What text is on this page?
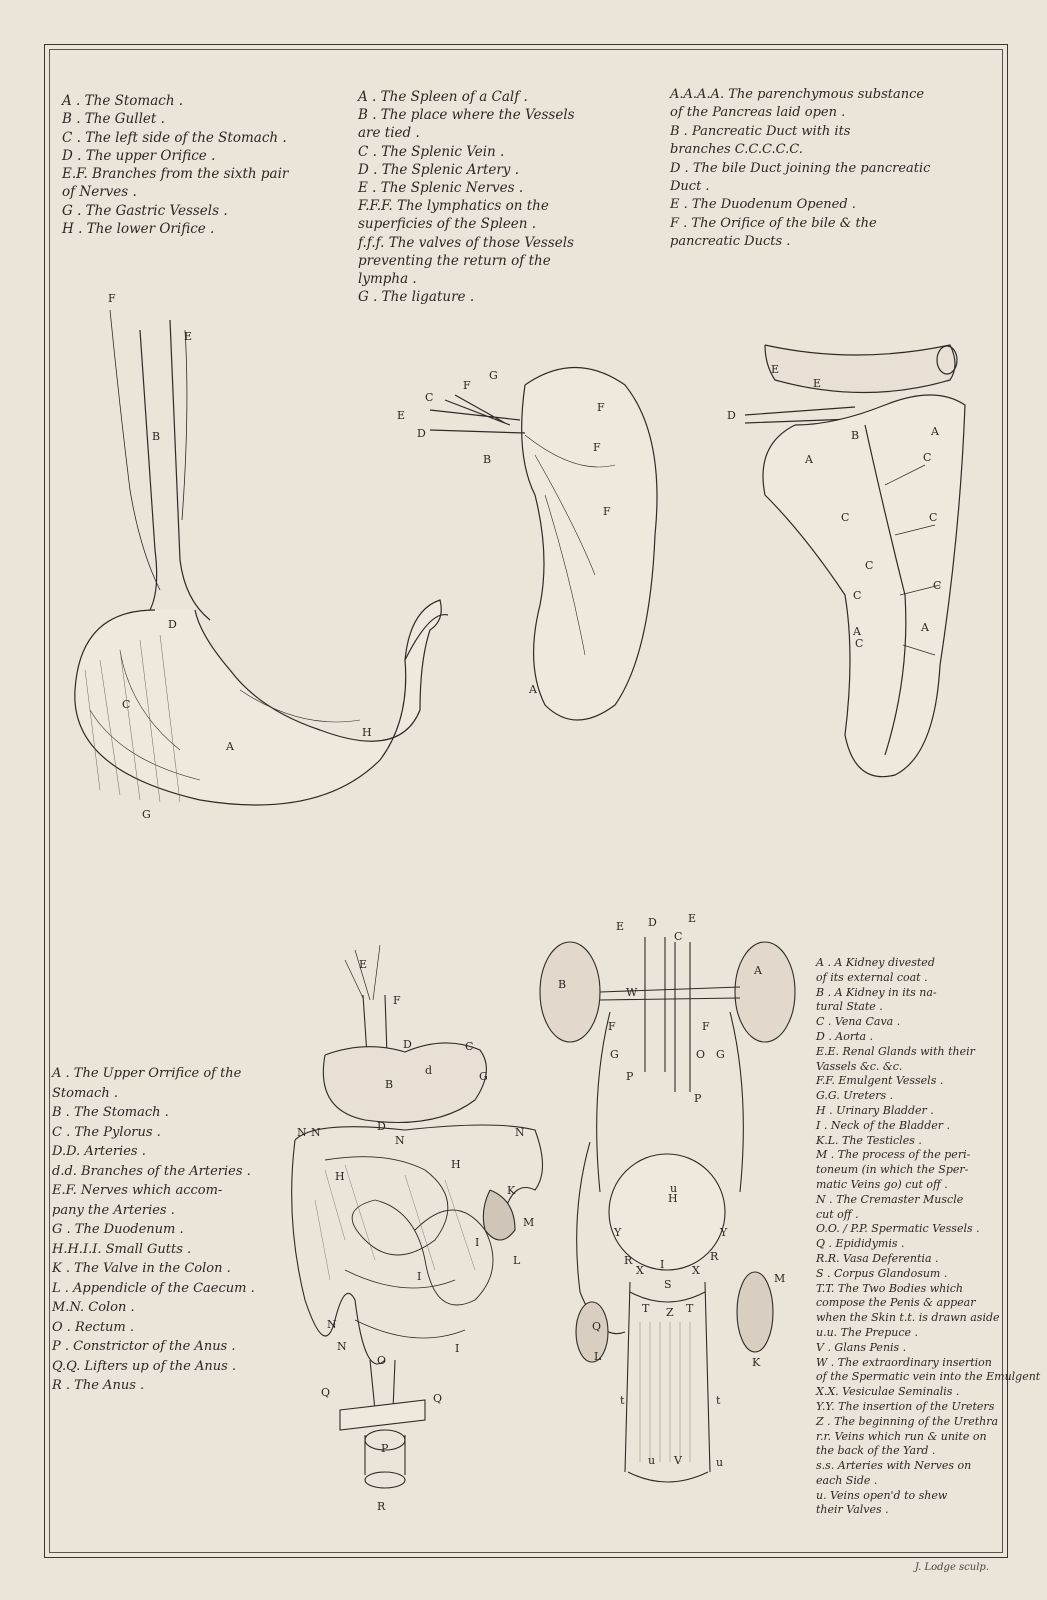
A . The Stomach .
B . The Gullet .
C . The left side of the Stomach .
D . The upper Orifice .
E.F. Branches from the sixth pair
of Nerves .
G . The Gastric Vessels .
H . The lower Orifice .
A . The Spleen of a Calf .
B . The place where the Vessels
are tied .
C . The Splenic Vein .
D . The Splenic Artery .
E . The Splenic Nerves .
F.F.F. The lymphatics on the
superficies of the Spleen .
f.f.f. The valves of those Vessels
preventing the return of the
lympha .
G . The ligature .
A.A.A.A. The parenchymous substance
of the Pancreas laid open .
B . Pancreatic Duct with its
branches C.C.C.C.C.
D . The bile Duct joining the pancreatic
Duct .
E . The Duodenum Opened .
F . The Orifice of the bile & the
pancreatic Ducts .
A . The Upper Orrifice of the
Stomach .
B . The Stomach .
C . The Pylorus .
D.D. Arteries .
d.d. Branches of the Arteries .
E.F. Nerves which accom-
pany the Arteries .
G . The Duodenum .
H.H.I.I. Small Gutts .
K . The Valve in the Colon .
L . Appendicle of the Caecum .
M.N. Colon .
O . Rectum .
P . Constrictor of the Anus .
Q.Q. Lifters up of the Anus .
R . The Anus .
A . A Kidney divested
of its external coat .
B . A Kidney in its na-
tural State .
C . Vena Cava .
D . Aorta .
E.E. Renal Glands with their
Vassels &c. &c.
F.F. Emulgent Vessels .
G.G. Ureters .
H . Urinary Bladder .
I . Neck of the Bladder .
K.L. The Testicles .
M . The process of the peri-
toneum (in which the Sper-
matic Veins go) cut off .
N . The Cremaster Muscle
cut off .
O.O. / P.P. Spermatic Vessels .
Q . Epididymis .
R.R. Vasa Deferentia .
S . Corpus Glandosum .
T.T. The Two Bodies which
compose the Penis & appear
when the Skin t.t. is drawn aside
u.u. The Prepuce .
V . Glans Penis .
W . The extraordinary insertion
of the Spermatic vein into the Emulgent
X.X. Vesiculae Seminalis .
Y.Y. The insertion of the Ureters
Z . The beginning of the Urethra
r.r. Veins which run & unite on
the back of the Yard .
s.s. Arteries with Nerves on
each Side .
u. Veins open'd to shew
their Valves .
F
E
B
D
C
A
H
G
C
F
G
E
D
B
F
F
F
A
E
E
D
B
A
A
C
C	C
C
C
C
A	A
C
E
F
D	C
B
d	G
N N	D
N
N
H
H
K
M
L
I
I
I
N
N
O
Q	Q
P
R
E D	E
C
B
A
W
F	F
O
G	G
P
P
u
H
Y	Y
R	R
I
X	X
S
Z
T	T
M
Q
L	K
t	t
u
V
u
J. Lodge sculp.
